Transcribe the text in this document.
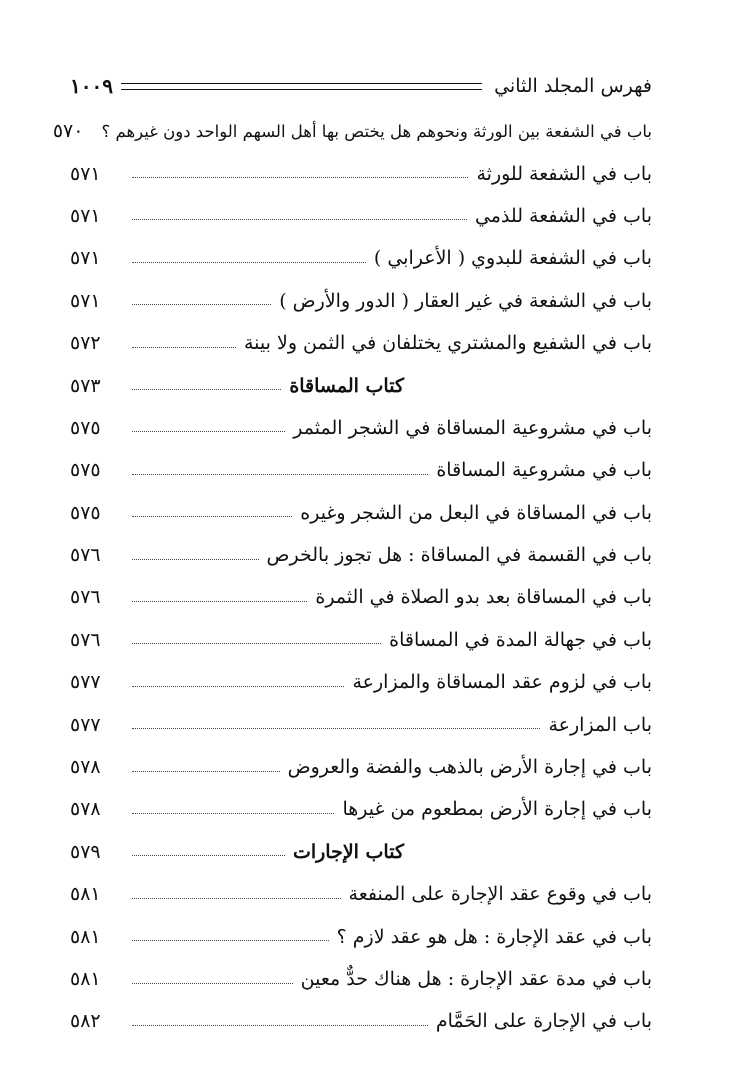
فهرس المجلد الثاني
١٠٠٩
باب في الشفعة بين الورثة ونحوهم هل يختص بها أهل السهم الواحد دون غيرهم ؟
٥٧٠
باب في الشفعة للورثة
٥٧١
باب في الشفعة للذمي
٥٧١
باب في الشفعة للبدوي ( الأعرابي )
٥٧١
باب في الشفعة في غير العقار ( الدور والأرض )
٥٧١
باب في الشفيع والمشتري يختلفان في الثمن ولا بينة
٥٧٢
كتاب المساقاة
٥٧٣
باب في مشروعية المساقاة في الشجر المثمر
٥٧٥
باب في مشروعية المساقاة
٥٧٥
باب في المساقاة في البعل من الشجر وغيره
٥٧٥
باب في القسمة في المساقاة : هل تجوز بالخرص
٥٧٦
باب في المساقاة بعد بدو الصلاة في الثمرة
٥٧٦
باب في جهالة المدة في المساقاة
٥٧٦
باب في لزوم عقد المساقاة والمزارعة
٥٧٧
باب المزارعة
٥٧٧
باب في إجارة الأرض بالذهب والفضة والعروض
٥٧٨
باب في إجارة الأرض بمطعوم من غيرها
٥٧٨
كتاب الإجارات
٥٧٩
باب في وقوع عقد الإجارة على المنفعة
٥٨١
باب في عقد الإجارة : هل هو عقد لازم ؟
٥٨١
باب في مدة عقد الإجارة : هل هناك حدٌّ معين
٥٨١
باب في الإجارة على الحَمَّام
٥٨٢
